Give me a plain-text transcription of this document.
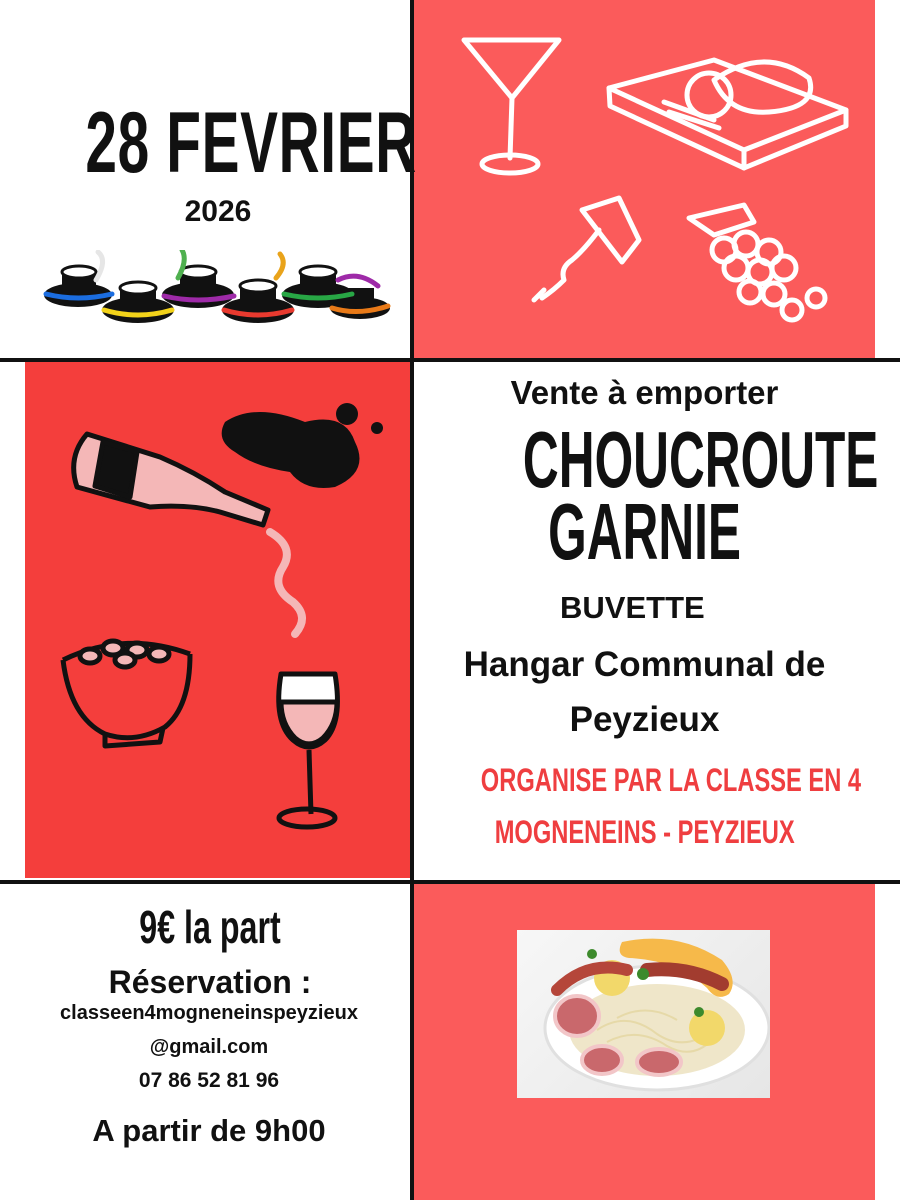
28 FEVRIER
2026
Vente à emporter
CHOUCROUTE
GARNIE
BUVETTE
Hangar Communal de
Peyzieux
ORGANISE PAR LA CLASSE EN 4
MOGNENEINS - PEYZIEUX
9€ la part
Réservation :
classeen4mogneneinspeyzieux
@gmail.com
07 86 52 81 96
A partir de 9h00
